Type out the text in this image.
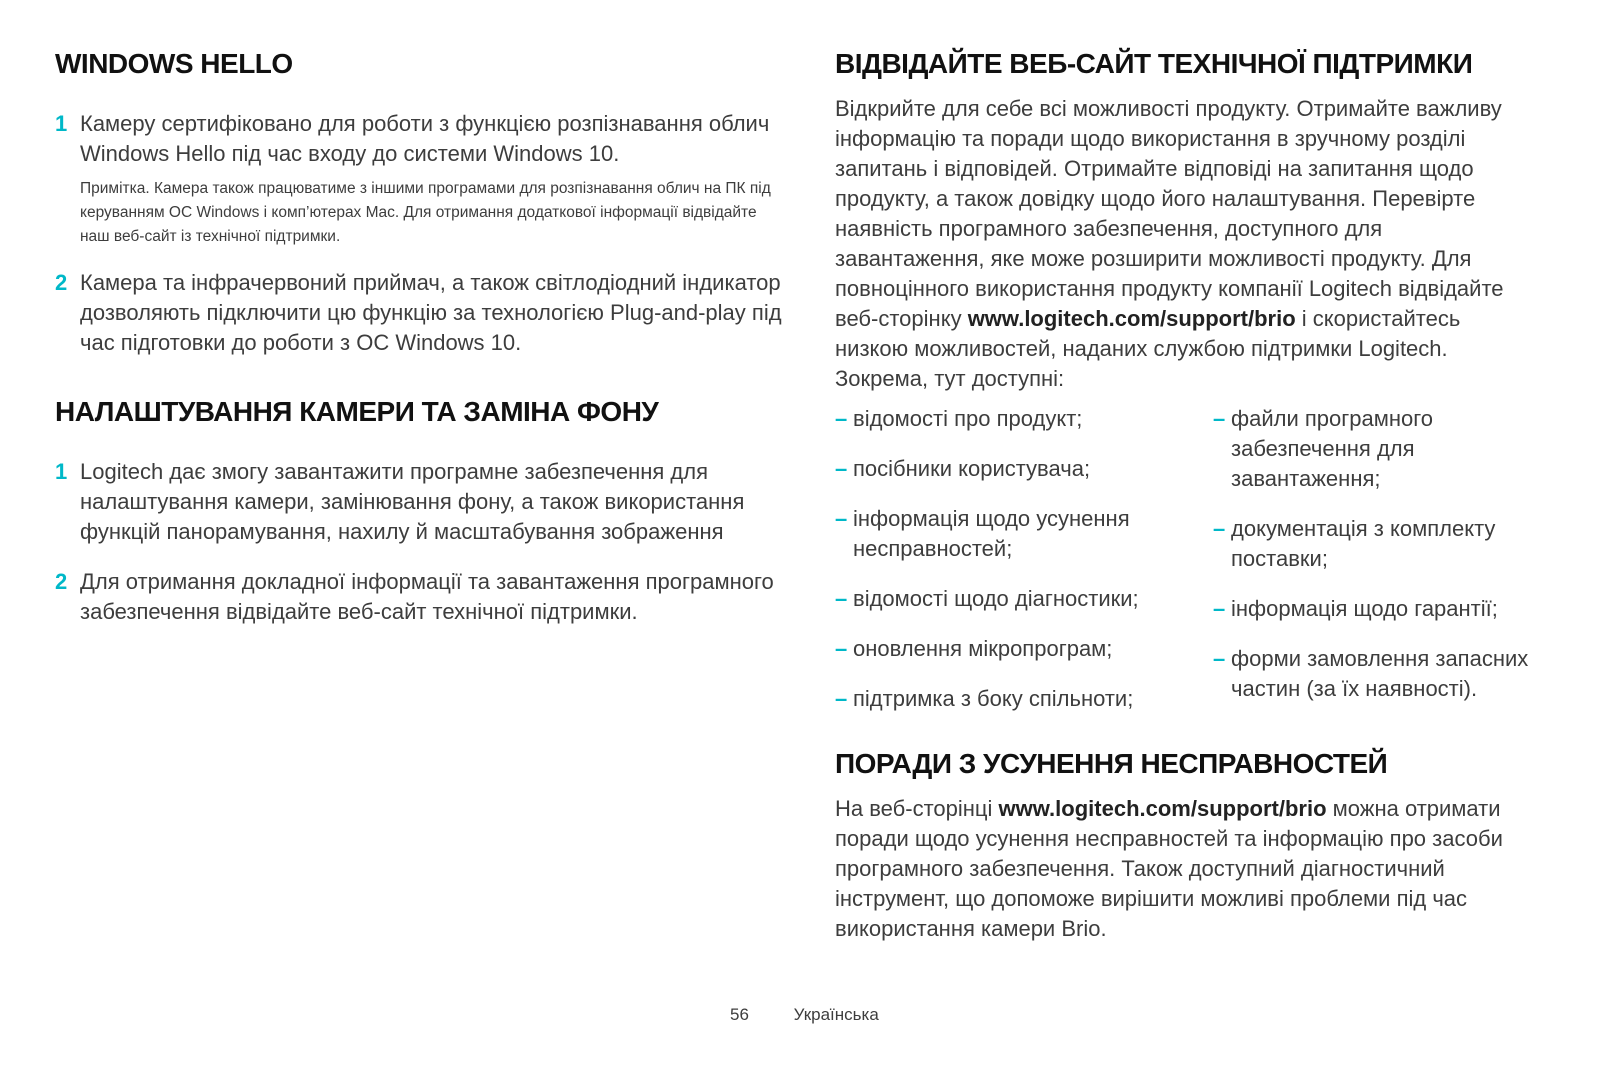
WINDOWS HELLO
1 Камеру сертифіковано для роботи з функцією розпізнавання облич Windows Hello під час входу до системи Windows 10.

Примітка. Камера також працюватиме з іншими програмами для розпізнавання облич на ПК під керуванням ОС Windows і комп’ютерах Mac. Для отримання додаткової інформації відвідайте наш веб-сайт із технічної підтримки.

2 Камера та інфрачервоний приймач, а також світлодіодний індикатор дозволяють підключити цю функцію за технологією Plug-and-play під час підготовки до роботи з ОС Windows 10.

НАЛАШТУВАННЯ КАМЕРИ ТА ЗАМІНА ФОНУ
1 Logitech дає змогу завантажити програмне забезпечення для налаштування камери, замінювання фону, а також використання функцій панорамування, нахилу й масштабування зображення

2 Для отримання докладної інформації та завантаження програмного забезпечення відвідайте веб-сайт технічної підтримки.

ВІДВІДАЙТЕ ВЕБ-САЙТ ТЕХНІЧНОЇ ПІДТРИМКИ

Відкрийте для себе всі можливості продукту. Отримайте важливу інформацію та поради щодо використання в зручному розділі запитань і відповідей. Отримайте відповіді на запитання щодо продукту, а також довідку щодо його налаштування. Перевірте наявність програмного забезпечення, доступного для завантаження, яке може розширити можливості продукту. Для повноцінного використання продукту компанії Logitech відвідайте веб-сторінку www.logitech.com/support/brio і скористайтесь низкою можливостей, наданих службою підтримки Logitech. Зокрема, тут доступні:

– відомості про продукт;
– посібники користувача;
– інформація щодо усунення несправностей;
– відомості щодо діагностики;
– оновлення мікропрограм;
– підтримка з боку спільноти;
– файли програмного забезпечення для завантаження;
– документація з комплекту поставки;
– інформація щодо гарантії;
– форми замовлення запасних частин (за їх наявності).
ПОРАДИ З УСУНЕННЯ НЕСПРАВНОСТЕЙ

На веб-сторінці www.logitech.com/support/brio можна отримати поради щодо усунення несправностей та інформацію про засоби програмного забезпечення. Також доступний діагностичний інструмент, що допоможе вирішити можливі проблеми під час використання камери Brio.

56	Українська
